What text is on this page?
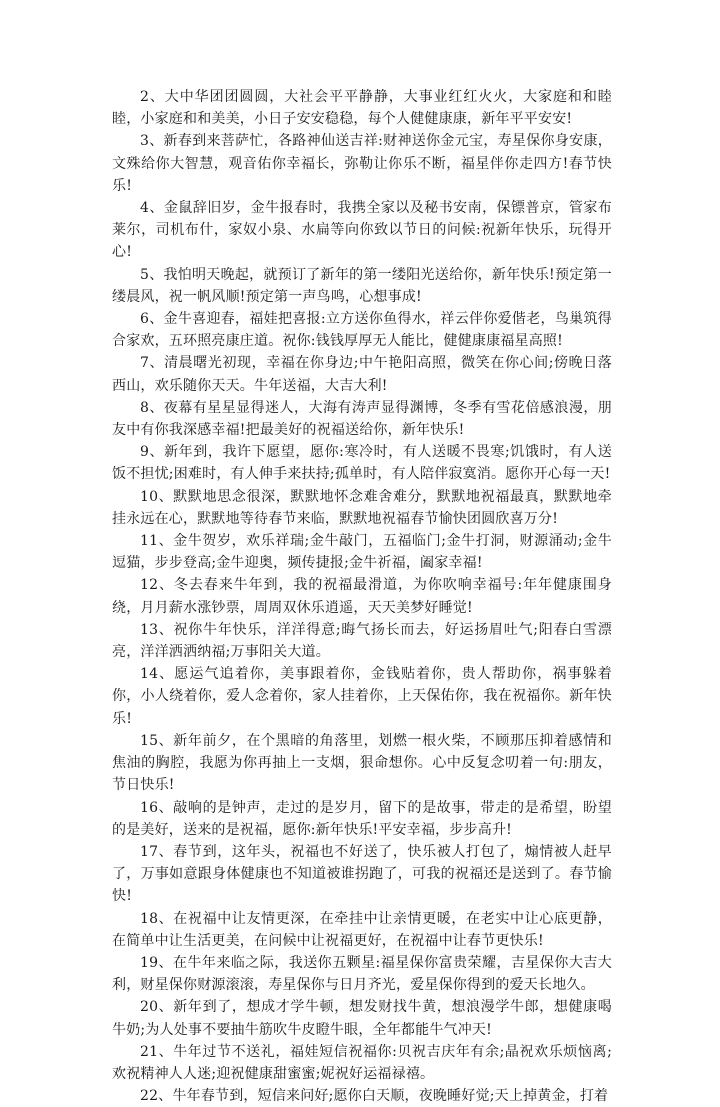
2、大中华团团圆圆，大社会平平静静，大事业红红火火，大家庭和和睦睦，小家庭和和美美，小日子安安稳稳，每个人健健康康，新年平平安安!

3、新春到来菩萨忙，各路神仙送吉祥:财神送你金元宝，寿星保你身安康，文殊给你大智慧，观音佑你幸福长，弥勒让你乐不断，福星伴你走四方!春节快乐!

4、金鼠辞旧岁，金牛报春时，我携全家以及秘书安南，保镖普京，管家布莱尔，司机布什，家奴小泉、水扁等向你致以节日的问候:祝新年快乐，玩得开心!

5、我怕明天晚起，就预订了新年的第一缕阳光送给你，新年快乐!预定第一缕晨风，祝一帆风顺!预定第一声鸟鸣，心想事成!

6、金牛喜迎春，福娃把喜报:立方送你鱼得水，祥云伴你爱偕老，鸟巢筑得合家欢，五环照亮康庄道。祝你:钱钱厚厚无人能比，健健康康福星高照!

7、清晨曙光初现，幸福在你身边;中午艳阳高照，微笑在你心间;傍晚日落西山，欢乐随你天天。牛年送福，大吉大利!

8、夜幕有星星显得迷人，大海有涛声显得渊博，冬季有雪花倍感浪漫，朋友中有你我深感幸福!把最美好的祝福送给你，新年快乐!

9、新年到，我许下愿望，愿你:寒冷时，有人送暖不畏寒;饥饿时，有人送饭不担忧;困难时，有人伸手来扶持;孤单时，有人陪伴寂寞消。愿你开心每一天!

10、默默地思念很深，默默地怀念难舍难分，默默地祝福最真，默默地牵挂永远在心，默默地等待春节来临，默默地祝福春节愉快团圆欣喜万分!

11、金牛贺岁，欢乐祥瑞;金牛敲门，五福临门;金牛打洞，财源涌动;金牛逗猫，步步登高;金牛迎奥，频传捷报;金牛祈福，阖家幸福!

12、冬去春来牛年到，我的祝福最滑道，为你吹响幸福号:年年健康围身绕，月月薪水涨钞票，周周双休乐逍遥，天天美梦好睡觉!

13、祝你牛年快乐，洋洋得意;晦气扬长而去，好运扬眉吐气;阳春白雪漂亮，洋洋洒洒纳福;万事阳关大道。

14、愿运气追着你，美事跟着你，金钱贴着你，贵人帮助你，祸事躲着你，小人绕着你，爱人念着你，家人挂着你，上天保佑你，我在祝福你。新年快乐!

15、新年前夕，在个黑暗的角落里，划燃一根火柴，不顾那压抑着感情和焦油的胸腔，我愿为你再抽上一支烟，狠命想你。心中反复念叨着一句:朋友，节日快乐!

16、敲响的是钟声，走过的是岁月，留下的是故事，带走的是希望，盼望的是美好，送来的是祝福，愿你:新年快乐!平安幸福，步步高升!

17、春节到，这年头，祝福也不好送了，快乐被人打包了，煽情被人赶早了，万事如意跟身体健康也不知道被谁拐跑了，可我的祝福还是送到了。春节愉快!

18、在祝福中让友情更深，在牵挂中让亲情更暖，在老实中让心底更静，在简单中让生活更美，在问候中让祝福更好，在祝福中让春节更快乐!

19、在牛年来临之际，我送你五颗星:福星保你富贵荣耀，吉星保你大吉大利，财星保你财源滚滚，寿星保你与日月齐光，爱星保你得到的爱天长地久。

20、新年到了，想成才学牛顿，想发财找牛黄，想浪漫学牛郎，想健康喝牛奶;为人处事不要抽牛筋吹牛皮瞪牛眼，全年都能牛气冲天!

21、牛年过节不送礼，福娃短信祝福你:贝祝吉庆年有余;晶祝欢乐烦恼离;欢祝精神人人迷;迎祝健康甜蜜蜜;妮祝好运福禄禧。

22、牛年春节到，短信来问好;愿你白天顺，夜晚睡好觉;天上掉黄金，打着
